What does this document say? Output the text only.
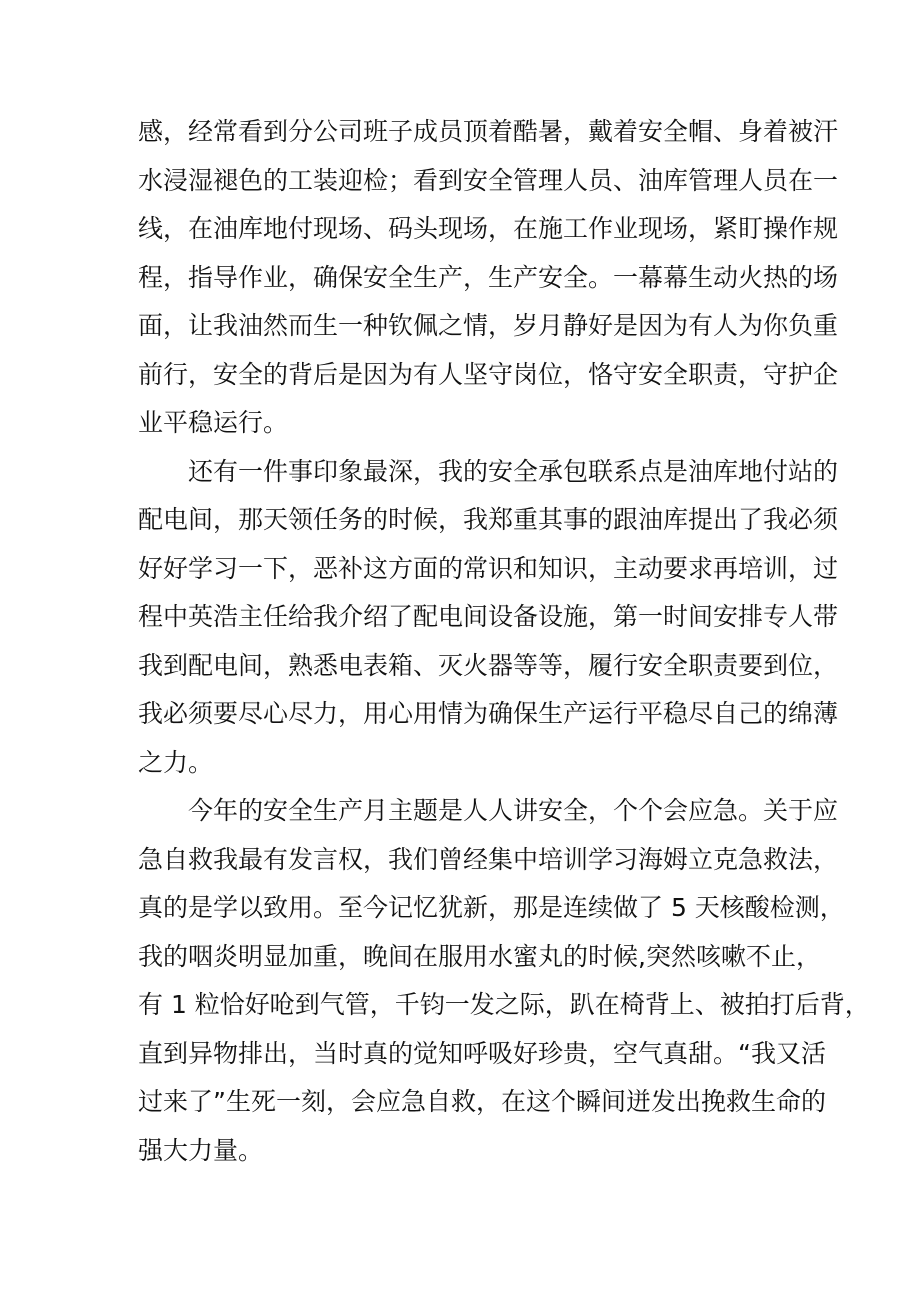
感，经常看到分公司班子成员顶着酷暑，戴着安全帽、身着被汗
水浸湿褪色的工装迎检；看到安全管理人员、油库管理人员在一
线，在油库地付现场、码头现场，在施工作业现场，紧盯操作规
程，指导作业，确保安全生产，生产安全。一幕幕生动火热的场
面，让我油然而生一种钦佩之情，岁月静好是因为有人为你负重
前行，安全的背后是因为有人坚守岗位，恪守安全职责，守护企
业平稳运行。

还有一件事印象最深，我的安全承包联系点是油库地付站的
配电间，那天领任务的时候，我郑重其事的跟油库提出了我必须
好好学习一下，恶补这方面的常识和知识，主动要求再培训，过
程中英浩主任给我介绍了配电间设备设施，第一时间安排专人带
我到配电间，熟悉电表箱、灭火器等等，履行安全职责要到位，
我必须要尽心尽力，用心用情为确保生产运行平稳尽自己的绵薄
之力。

今年的安全生产月主题是人人讲安全，个个会应急。关于应
急自救我最有发言权，我们曾经集中培训学习海姆立克急救法，
真的是学以致用。至今记忆犹新，那是连续做了 5 天核酸检测，
我的咽炎明显加重，晚间在服用水蜜丸的时候,突然咳嗽不止，
有 1 粒恰好呛到气管，千钧一发之际，趴在椅背上、被拍打后背，
直到异物排出，当时真的觉知呼吸好珍贵，空气真甜。“我又活
过来了”生死一刻，会应急自救，在这个瞬间迸发出挽救生命的
强大力量。
